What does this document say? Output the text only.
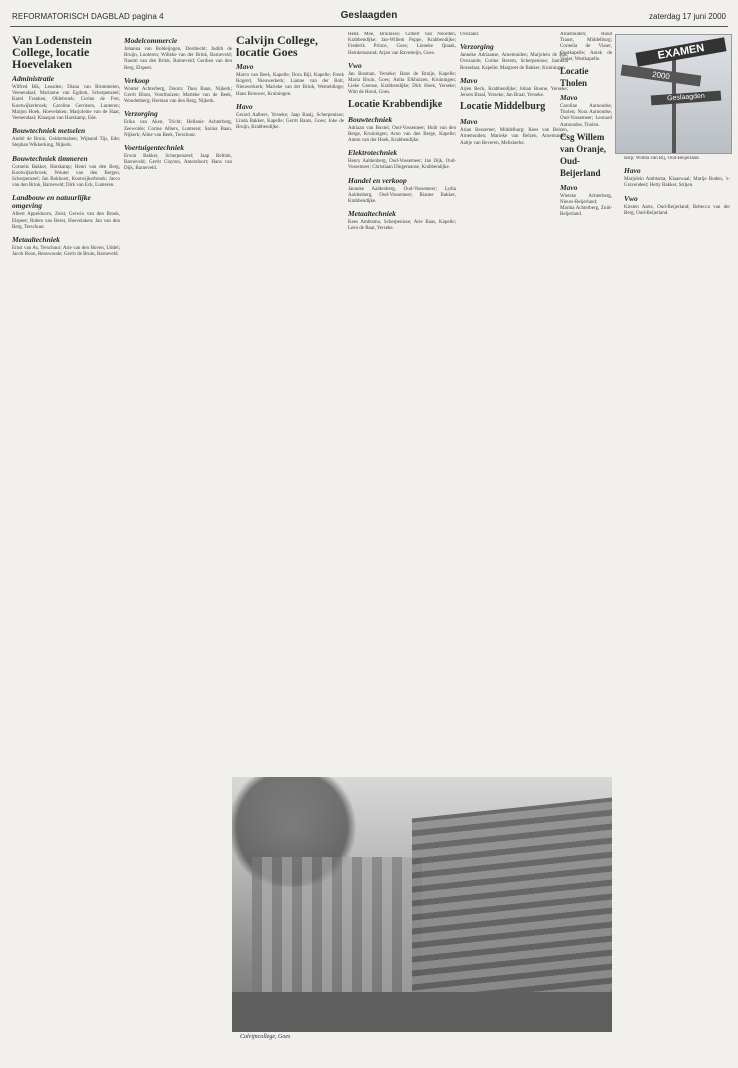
REFORMATORISCH DAGBLAD pagina 4	Geslaagden	zaterdag 17 juni 2000
Van Lodenstein College, locatie Hoevelaken
Administratie
Wilfred Bik, Leusden; Diana van Brummelen, Veenendaal; Marianne van Egdom, Scherpenzeel; Karel Franken, Oldebroek; Corine de Fret, Kootwijkerbroek; Caroline Gerritsen, Lunteren; Marjon Hoek, Hoevelaken; Marjoleine van de Haar, Veenendaal; Klaasjan van Harskamp, Ede.
Bouwtechniek metselen
André de Bruin, Geldermalsen; Wijnand Tijs, Ede; Stephan Wikkerking, Nijkerk.
Bouwtechniek timmeren
Cornelis Bakker, Harskamp; Henri van den Berg, Kootwijkerbroek; Wouter van den Bergen, Scherpenzeel; Jan Bokhorst, Kootwijkerbroek; Jacco van den Brink, Barneveld; Dirk van Eck, Lunteren.
Landbouw en natuurlijke omgeving
Albert Appeldoorn, Zeist; Gerwin van den Broek, Elspeet; Ruben van Beest, Hoevelaken; Jan van den Berg, Terschuur.
Metaaltechniek
Ernst van As, Terschuur; Arie van den Hoven, Uddel; Jacob Boon, Renswoude; Gerrit de Bruin, Barneveld.
Modelcommercie
Johanna van Boldeijngen, Dordrecht; Judith de Bruijn, Lunteren; Willeke van der Brink, Barneveld; Naomi van den Brink, Barneveld; Gerdien van den Berg, Elspeet.
Verkoop
Wouter Achterberg, Doorn; Thea Baan, Nijkerk; Gerrit Blom, Voorthuizen; Marieke van de Beek, Woudenberg; Herman van den Berg, Nijkerk.
Verzorging
Erika van Aken, Tricht; Hellanie Achterberg, Zeewolde; Corine Albers, Lunteren; Sarina Baan, Nijkerk; Aline van Beek, Terschuur.
Voertuigentechniek
Erwin Bakker, Scherpenzeel; Jaap Beltink, Barneveld; Gerrit Clayton, Amersfoort; Hans van Dijk, Barneveld.
Calvijn College, locatie Goes
Mavo
Marco van Beek, Kapelle; Dora Bijl, Kapelle; Freek Bogerd, Nieuwerkerk; Lianne van der Bolt, Nieuwerkerk; Marieke van der Brink, Wemeldinge; Hans Brouwer, Kruiningen.
Havo
Gerard Aalbers, Yerseke; Jaap Baaij, Scherpenisse; Linda Bakker, Kapelle; Gerrit Baars, Goes; Joke de Bruijn, Krabbendijke.
Henk Moe, Bruinisse; Gilbert van Noorden, Krabbendijke; Jan-Willem Poppe, Krabbendijke; Frederik Prince, Goes; Lieneke Quaak, Heinkenszand; Arjan van Ravesteijn, Goes.
Vwo
Jan Bosman, Yerseke; Hans de Bruijn, Kapelle; Maria Bruin, Goes; Anita Elkhuizen, Kruiningen; Lieke Goense, Krabbendijke; Dirk Hoek, Yerseke; Wim de Hond, Goes.
Locatie Krabbendijke
Bouwtechniek
Adriaan van Boxtel, Oud-Vossemeer; Huib van den Berge, Kruiningen; Arno van den Berge, Kapelle; Anton van der Hoek, Krabbendijke.
Elektrotechniek
Henry Aaldenberg, Oud-Vossemeer; Jan Dijk, Oud-Vossemeer; Christiaan Dingemanse, Krabbendijke.
Handel en verkoop
Janneke Aaldenberg, Oud-Vossemeer; Lydia Aaldenberg, Oud-Vossemeer; Rianne Bakker, Krabbendijke.
Metaaltechniek
Kees Ambtsma, Scherpenisse; Arie Baas, Kapelle; Leen de Baar, Yerseke.
Ovezand.
Verzorging
Janneke Adriaanse, Arnemuiden; Marjolein de Bas, Ovezande; Corine Bezem, Scherpenisse; Jannelia Bosselaar, Kapelle; Margreet de Bakker, Kruiningen.
Mavo
Arjen Beck, Krabbendijke; Johan Boone, Yerseke; Jeroen Braal, Yerseke; Jan Braal, Yerseke.
Locatie Middelburg
Mavo
Arian Beezemer, Middelburg; Kees van Belzen, Arnemuiden; Marieke van Belzen, Arnemuiden; Aaltje van Beveren, Meliskerke.
Arnemuiden; Ruud Traust, Middelburg; Cornelia de Visser, Oostkapelle; Aniek de Visser, Westkapelle.
Locatie Tholen
Mavo
Caroline Aarnoudse, Tholen; Nora Aarnoudse, Oud-Vossemeer; Leonard Aarnoudse, Tholen.
Csg Willem van Oranje, Oud-Beijerland
Mavo
Wietske Achterberg, Nieuw-Beijerland; Marina Achterberg, Zuid-Beijerland.
EXAMEN
2000
Geslaagden
dorp; Wilma van Rij, Oud-Beijerland.
Havo
Marjolein Ambtsma, Klaaswaal; Marije Boden, 's-Gravendeel; Hetty Bakker, Strijen.
Vwo
Kirsten Aarts, Oud-Beijerland; Rebecca van der Berg, Oud-Beijerland.
Calvijncollege, Goes
